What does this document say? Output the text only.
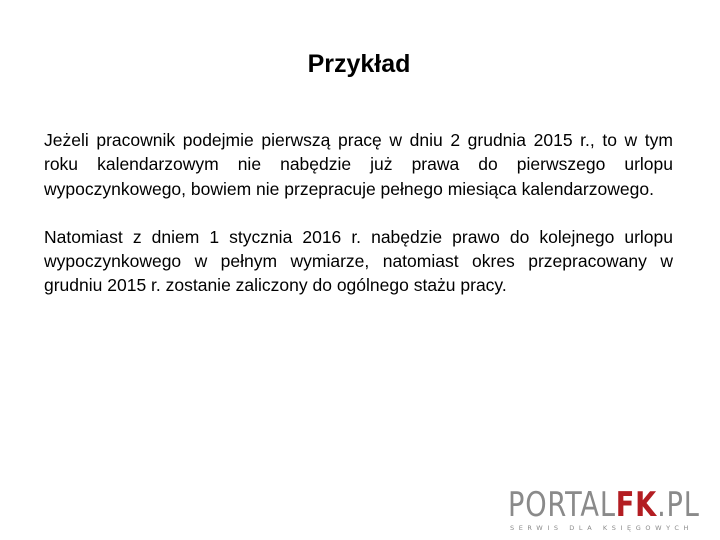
Przykład

Jeżeli pracownik podejmie pierwszą pracę w dniu 2 grudnia 2015 r., to w tym roku kalendarzowym nie nabędzie już prawa do pierwszego urlopu wypoczynkowego, bowiem nie przepracuje pełnego miesiąca kalendarzowego.

Natomiast z dniem 1 stycznia 2016 r. nabędzie prawo do kolejnego urlopu wypoczynkowego w pełnym wymiarze, natomiast okres przepracowany w grudniu 2015 r. zostanie zaliczony do ogólnego stażu pracy.

PORTALFK.PL
SERWIS DLA KSIĘGOWYCH
